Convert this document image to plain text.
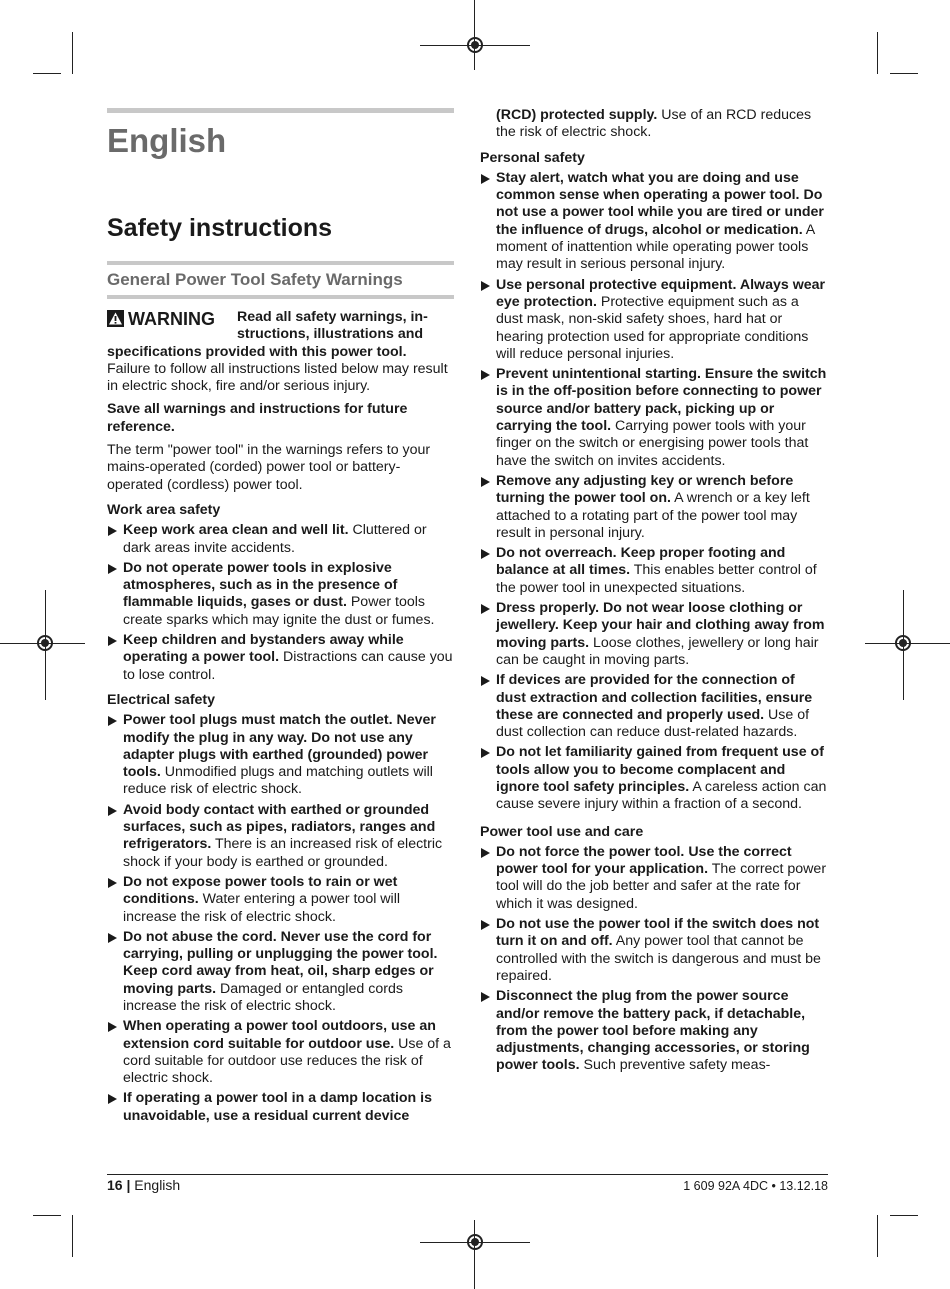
English
Safety instructions
General Power Tool Safety Warnings
WARNING Read all safety warnings, in-
structions, illustrations and

specifications provided with this power tool.

Failure to follow all instructions listed below may result in electric shock, fire and/or serious injury.

Save all warnings and instructions for future reference.

The term "power tool" in the warnings refers to your mains-operated (corded) power tool or battery-operated (cordless) power tool.

Work area safety
Keep work area clean and well lit. Cluttered or dark areas invite accidents.
Do not operate power tools in explosive atmospheres, such as in the presence of flammable liquids, gases or dust. Power tools create sparks which may ignite the dust or fumes.
Keep children and bystanders away while operating a power tool. Distractions can cause you to lose control.
Electrical safety
Power tool plugs must match the outlet. Never modify the plug in any way. Do not use any adapter plugs with earthed (grounded) power tools. Unmodified plugs and matching outlets will reduce risk of electric shock.
Avoid body contact with earthed or grounded surfaces, such as pipes, radiators, ranges and refrigerators. There is an increased risk of electric shock if your body is earthed or grounded.
Do not expose power tools to rain or wet conditions. Water entering a power tool will increase the risk of electric shock.
Do not abuse the cord. Never use the cord for carrying, pulling or unplugging the power tool. Keep cord away from heat, oil, sharp edges or moving parts. Damaged or entangled cords increase the risk of electric shock.
When operating a power tool outdoors, use an extension cord suitable for outdoor use. Use of a cord suitable for outdoor use reduces the risk of electric shock.
If operating a power tool in a damp location is unavoidable, use a residual current device

(RCD) protected supply. Use of an RCD reduces the risk of electric shock.

Personal safety
Stay alert, watch what you are doing and use common sense when operating a power tool. Do not use a power tool while you are tired or under the influence of drugs, alcohol or medication. A moment of inattention while operating power tools may result in serious personal injury.
Use personal protective equipment. Always wear eye protection. Protective equipment such as a dust mask, non-skid safety shoes, hard hat or hearing protection used for appropriate conditions will reduce personal injuries.
Prevent unintentional starting. Ensure the switch is in the off-position before connecting to power source and/or battery pack, picking up or carrying the tool. Carrying power tools with your finger on the switch or energising power tools that have the switch on invites accidents.
Remove any adjusting key or wrench before turning the power tool on. A wrench or a key left attached to a rotating part of the power tool may result in personal injury.
Do not overreach. Keep proper footing and balance at all times. This enables better control of the power tool in unexpected situations.
Dress properly. Do not wear loose clothing or jewellery. Keep your hair and clothing away from moving parts. Loose clothes, jewellery or long hair can be caught in moving parts.
If devices are provided for the connection of dust extraction and collection facilities, ensure these are connected and properly used. Use of dust collection can reduce dust-related hazards.
Do not let familiarity gained from frequent use of tools allow you to become complacent and ignore tool safety principles. A careless action can cause severe injury within a fraction of a second.
Power tool use and care
Do not force the power tool. Use the correct power tool for your application. The correct power tool will do the job better and safer at the rate for which it was designed.
Do not use the power tool if the switch does not turn it on and off. Any power tool that cannot be controlled with the switch is dangerous and must be repaired.
Disconnect the plug from the power source and/or remove the battery pack, if detachable, from the power tool before making any adjustments, changing accessories, or storing power tools. Such preventive safety meas-
16 | English	1 609 92A 4DC • 13.12.18
